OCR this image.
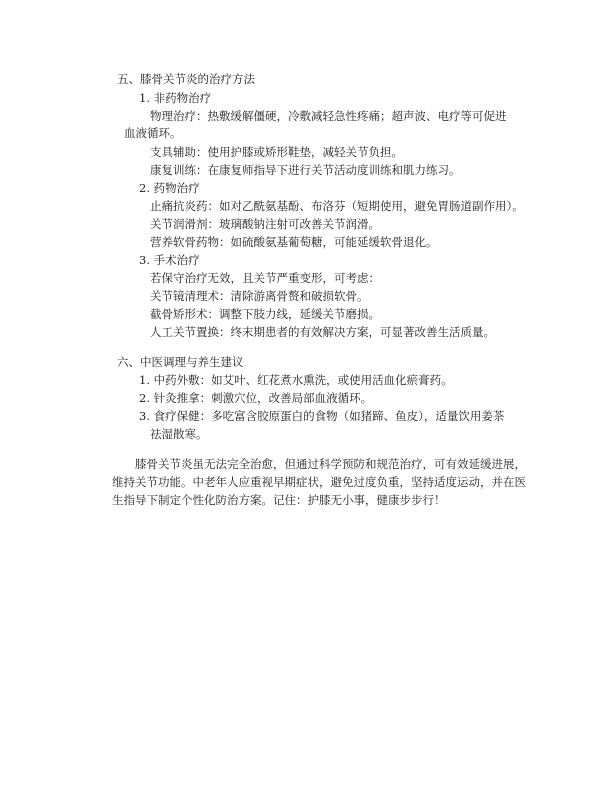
五、膝骨关节炎的治疗方法
1. 非药物治疗
物理治疗：热敷缓解僵硬，冷敷减轻急性疼痛；超声波、电疗等可促进
血液循环。
支具辅助：使用护膝或矫形鞋垫，减轻关节负担。
康复训练：在康复师指导下进行关节活动度训练和肌力练习。
2. 药物治疗
止痛抗炎药：如对乙酰氨基酚、布洛芬（短期使用，避免胃肠道副作用）。
关节润滑剂：玻璃酸钠注射可改善关节润滑。
营养软骨药物：如硫酸氨基葡萄糖，可能延缓软骨退化。
3. 手术治疗
若保守治疗无效，且关节严重变形，可考虑：
关节镜清理术：清除游离骨赘和破损软骨。
截骨矫形术：调整下肢力线，延缓关节磨损。
人工关节置换：终末期患者的有效解决方案，可显著改善生活质量。
六、中医调理与养生建议
1. 中药外敷：如艾叶、红花煮水熏洗，或使用活血化瘀膏药。
2. 针灸推拿：刺激穴位，改善局部血液循环。
3. 食疗保健：多吃富含胶原蛋白的食物（如猪蹄、鱼皮），适量饮用姜茶
祛湿散寒。
膝骨关节炎虽无法完全治愈，但通过科学预防和规范治疗，可有效延缓进展，维持关节功能。中老年人应重视早期症状，避免过度负重，坚持适度运动，并在医生指导下制定个性化防治方案。记住：护膝无小事，健康步步行！
